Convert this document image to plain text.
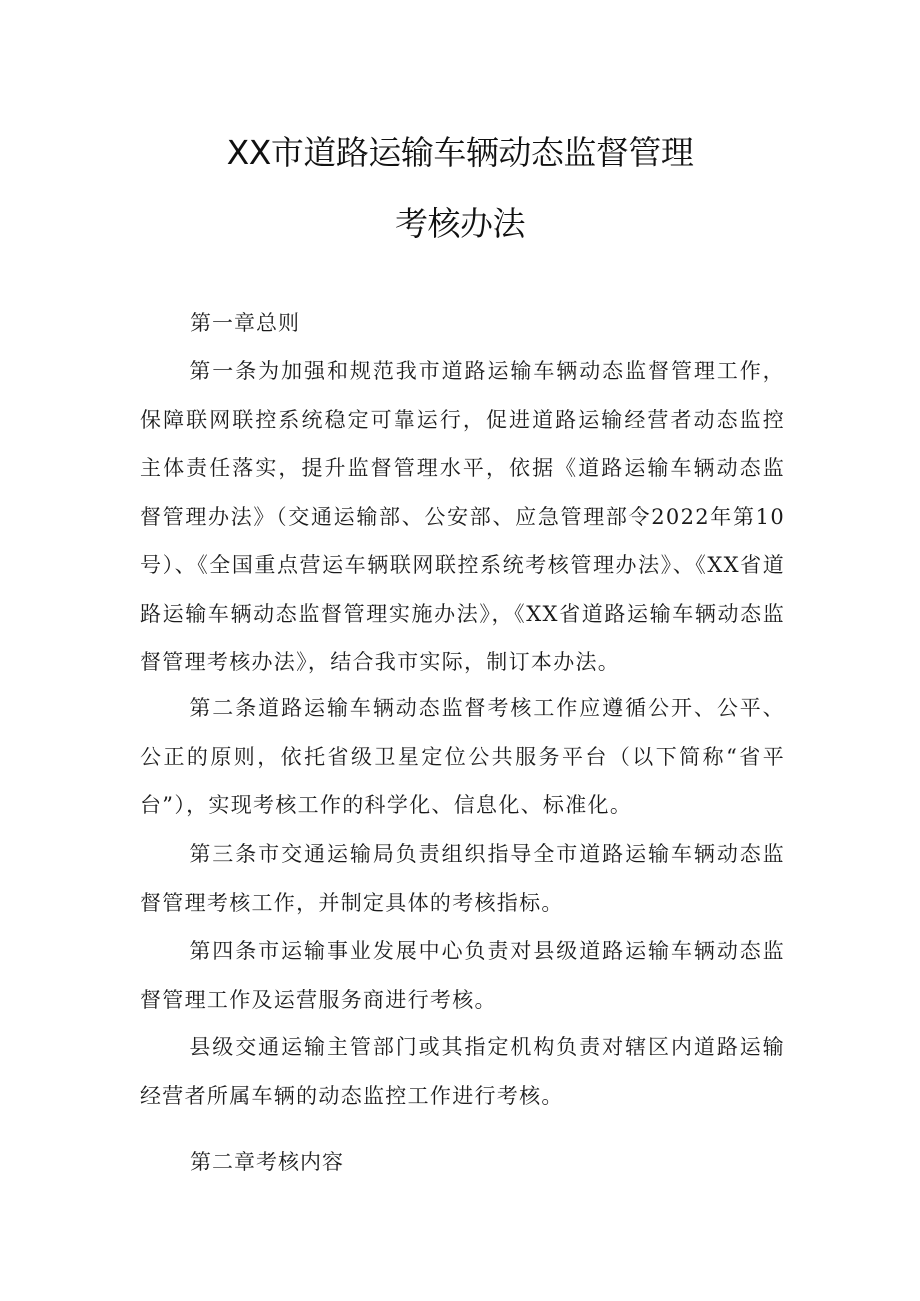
XX市道路运输车辆动态监督管理
考核办法
第一章总则

第一条为加强和规范我市道路运输车辆动态监督管理工作，保障联网联控系统稳定可靠运行，促进道路运输经营者动态监控主体责任落实，提升监督管理水平，依据《道路运输车辆动态监督管理办法》（交通运输部、公安部、应急管理部令2022年第10号）、《全国重点营运车辆联网联控系统考核管理办法》、《XX省道路运输车辆动态监督管理实施办法》，《XX省道路运输车辆动态监督管理考核办法》，结合我市实际，制订本办法。

第二条道路运输车辆动态监督考核工作应遵循公开、公平、公正的原则，依托省级卫星定位公共服务平台（以下简称“省平台”），实现考核工作的科学化、信息化、标准化。

第三条市交通运输局负责组织指导全市道路运输车辆动态监督管理考核工作，并制定具体的考核指标。

第四条市运输事业发展中心负责对县级道路运输车辆动态监督管理工作及运营服务商进行考核。

县级交通运输主管部门或其指定机构负责对辖区内道路运输经营者所属车辆的动态监控工作进行考核。

第二章考核内容
